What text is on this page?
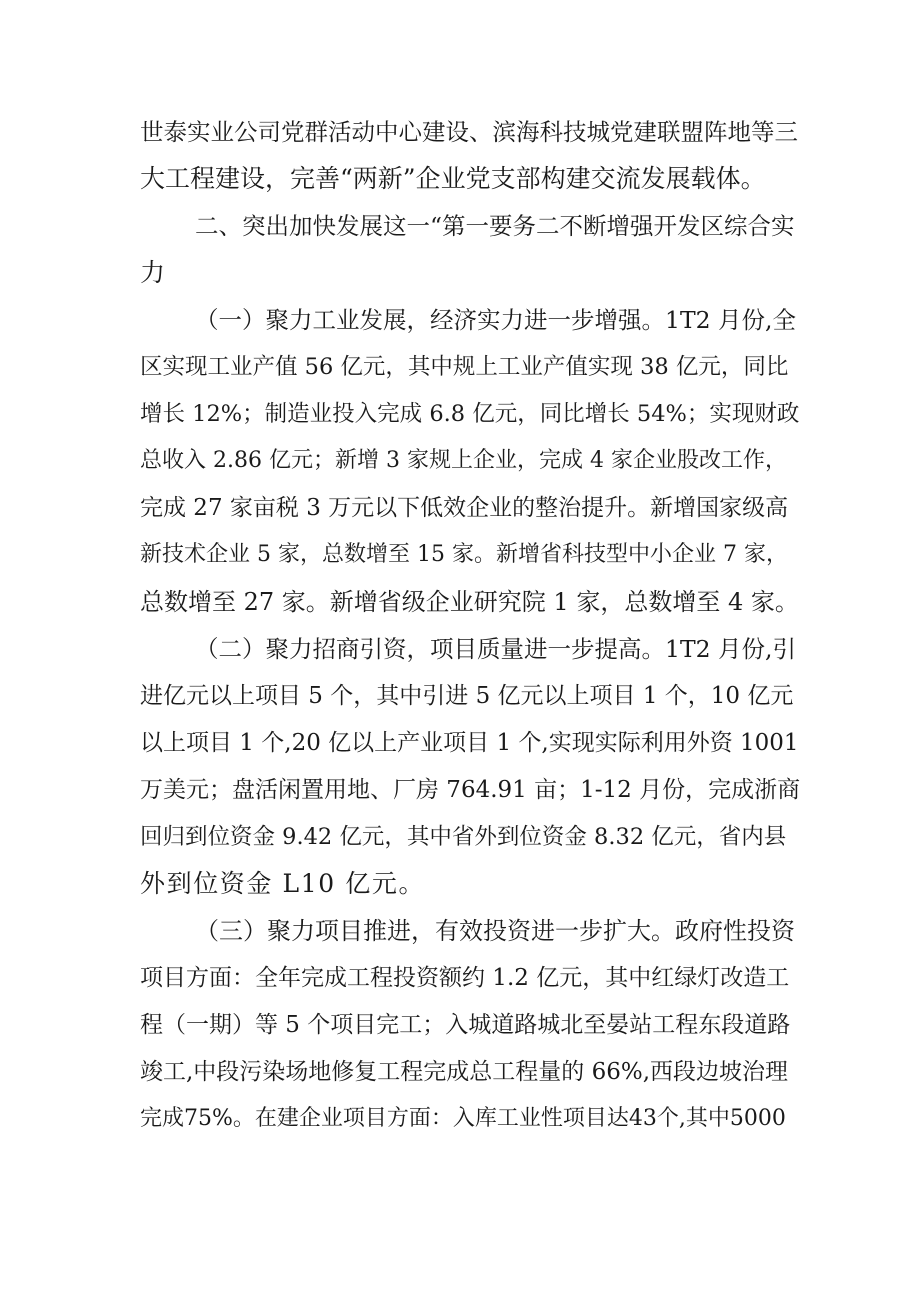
世泰实业公司党群活动中心建设、滨海科技城党建联盟阵地等三

大工程建设，完善“两新”企业党支部构建交流发展载体。

二、突出加快发展这一“第一要务二不断增强开发区综合实

力

（一）聚力工业发展，经济实力进一步增强。1T2 月份,全

区实现工业产值 56 亿元，其中规上工业产值实现 38 亿元，同比

增长 12%；制造业投入完成 6.8 亿元，同比增长 54%；实现财政

总收入 2.86 亿元；新增 3 家规上企业，完成 4 家企业股改工作，

完成 27 家亩税 3 万元以下低效企业的整治提升。新增国家级高

新技术企业 5 家，总数增至 15 家。新增省科技型中小企业 7 家，

总数增至 27 家。新增省级企业研究院 1 家，总数增至 4 家。

（二）聚力招商引资，项目质量进一步提高。1T2 月份,引

进亿元以上项目 5 个，其中引进 5 亿元以上项目 1 个，10 亿元

以上项目 1 个,20 亿以上产业项目 1 个,实现实际利用外资 1001

万美元；盘活闲置用地、厂房 764.91 亩；1-12 月份，完成浙商

回归到位资金 9.42 亿元，其中省外到位资金 8.32 亿元，省内县

外到位资金 L10 亿元。

（三）聚力项目推进，有效投资进一步扩大。政府性投资

项目方面：全年完成工程投资额约 1.2 亿元，其中红绿灯改造工

程（一期）等 5 个项目完工；入城道路城北至晏站工程东段道路

竣工,中段污染场地修复工程完成总工程量的 66%,西段边坡治理

完成75%。在建企业项目方面：入库工业性项目达43个,其中5000
